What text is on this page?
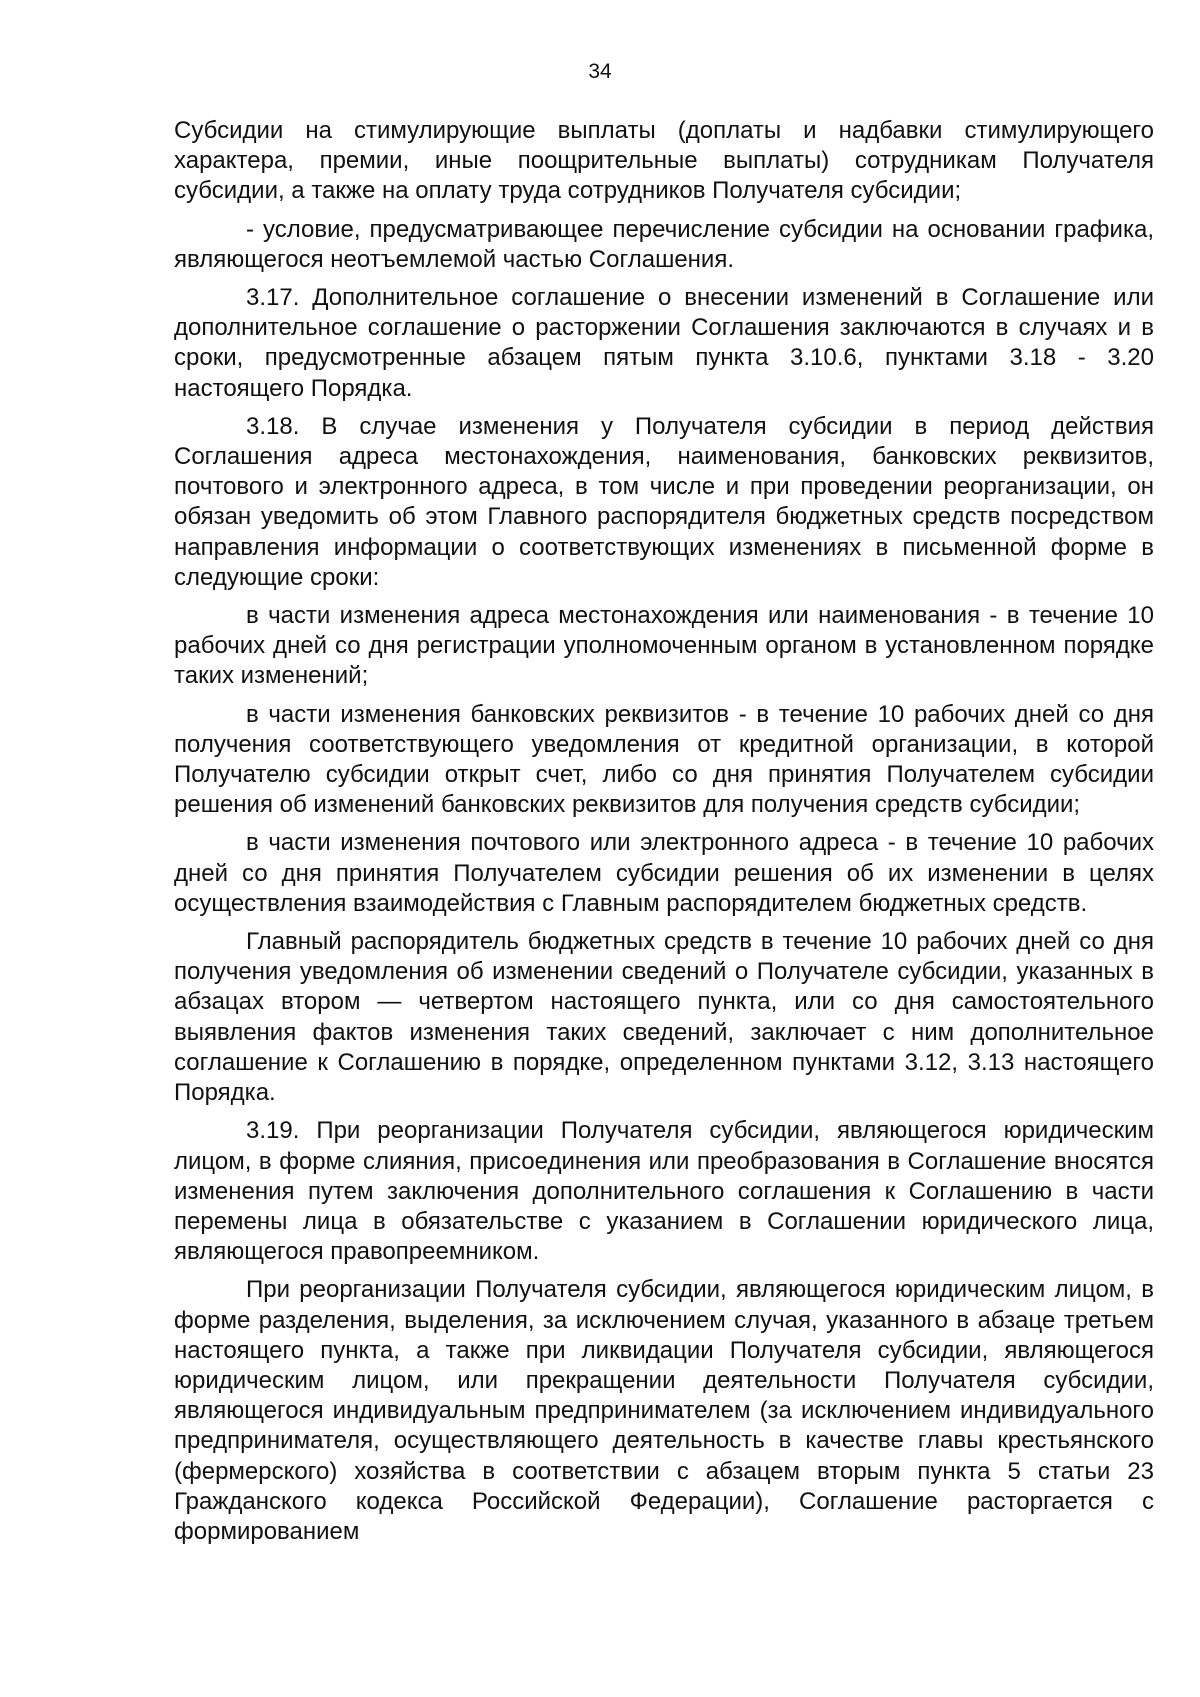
34

Субсидии на стимулирующие выплаты (доплаты и надбавки стимулирующего характера, премии, иные поощрительные выплаты) сотрудникам Получателя субсидии, а также на оплату труда сотрудников Получателя субсидии;

- условие, предусматривающее перечисление субсидии на основании графика, являющегося неотъемлемой частью Соглашения.

3.17. Дополнительное соглашение о внесении изменений в Соглашение или дополнительное соглашение о расторжении Соглашения заключаются в случаях и в сроки, предусмотренные абзацем пятым пункта 3.10.6, пунктами 3.18 - 3.20 настоящего Порядка.

3.18. В случае изменения у Получателя субсидии в период действия Соглашения адреса местонахождения, наименования, банковских реквизитов, почтового и электронного адреса, в том числе и при проведении реорганизации, он обязан уведомить об этом Главного распорядителя бюджетных средств посредством направления информации о соответствующих изменениях в письменной форме в следующие сроки:

в части изменения адреса местонахождения или наименования - в течение 10 рабочих дней со дня регистрации уполномоченным органом в установленном порядке таких изменений;

в части изменения банковских реквизитов - в течение 10 рабочих дней со дня получения соответствующего уведомления от кредитной организации, в которой Получателю субсидии открыт счет, либо со дня принятия Получателем субсидии решения об изменений банковских реквизитов для получения средств субсидии;

в части изменения почтового или электронного адреса - в течение 10 рабочих дней со дня принятия Получателем субсидии решения об их изменении в целях осуществления взаимодействия с Главным распорядителем бюджетных средств.

Главный распорядитель бюджетных средств в течение 10 рабочих дней со дня получения уведомления об изменении сведений о Получателе субсидии, указанных в абзацах втором — четвертом настоящего пункта, или со дня самостоятельного выявления фактов изменения таких сведений, заключает с ним дополнительное соглашение к Соглашению в порядке, определенном пунктами 3.12, 3.13 настоящего Порядка.

3.19. При реорганизации Получателя субсидии, являющегося юридическим лицом, в форме слияния, присоединения или преобразования в Соглашение вносятся изменения путем заключения дополнительного соглашения к Соглашению в части перемены лица в обязательстве с указанием в Соглашении юридического лица, являющегося правопреемником.

При реорганизации Получателя субсидии, являющегося юридическим лицом, в форме разделения, выделения, за исключением случая, указанного в абзаце третьем настоящего пункта, а также при ликвидации Получателя субсидии, являющегося юридическим лицом, или прекращении деятельности Получателя субсидии, являющегося индивидуальным предпринимателем (за исключением индивидуального предпринимателя, осуществляющего деятельность в качестве главы крестьянского (фермерского) хозяйства в соответствии с абзацем вторым пункта 5 статьи 23 Гражданского кодекса Российской Федерации), Соглашение расторгается с формированием
